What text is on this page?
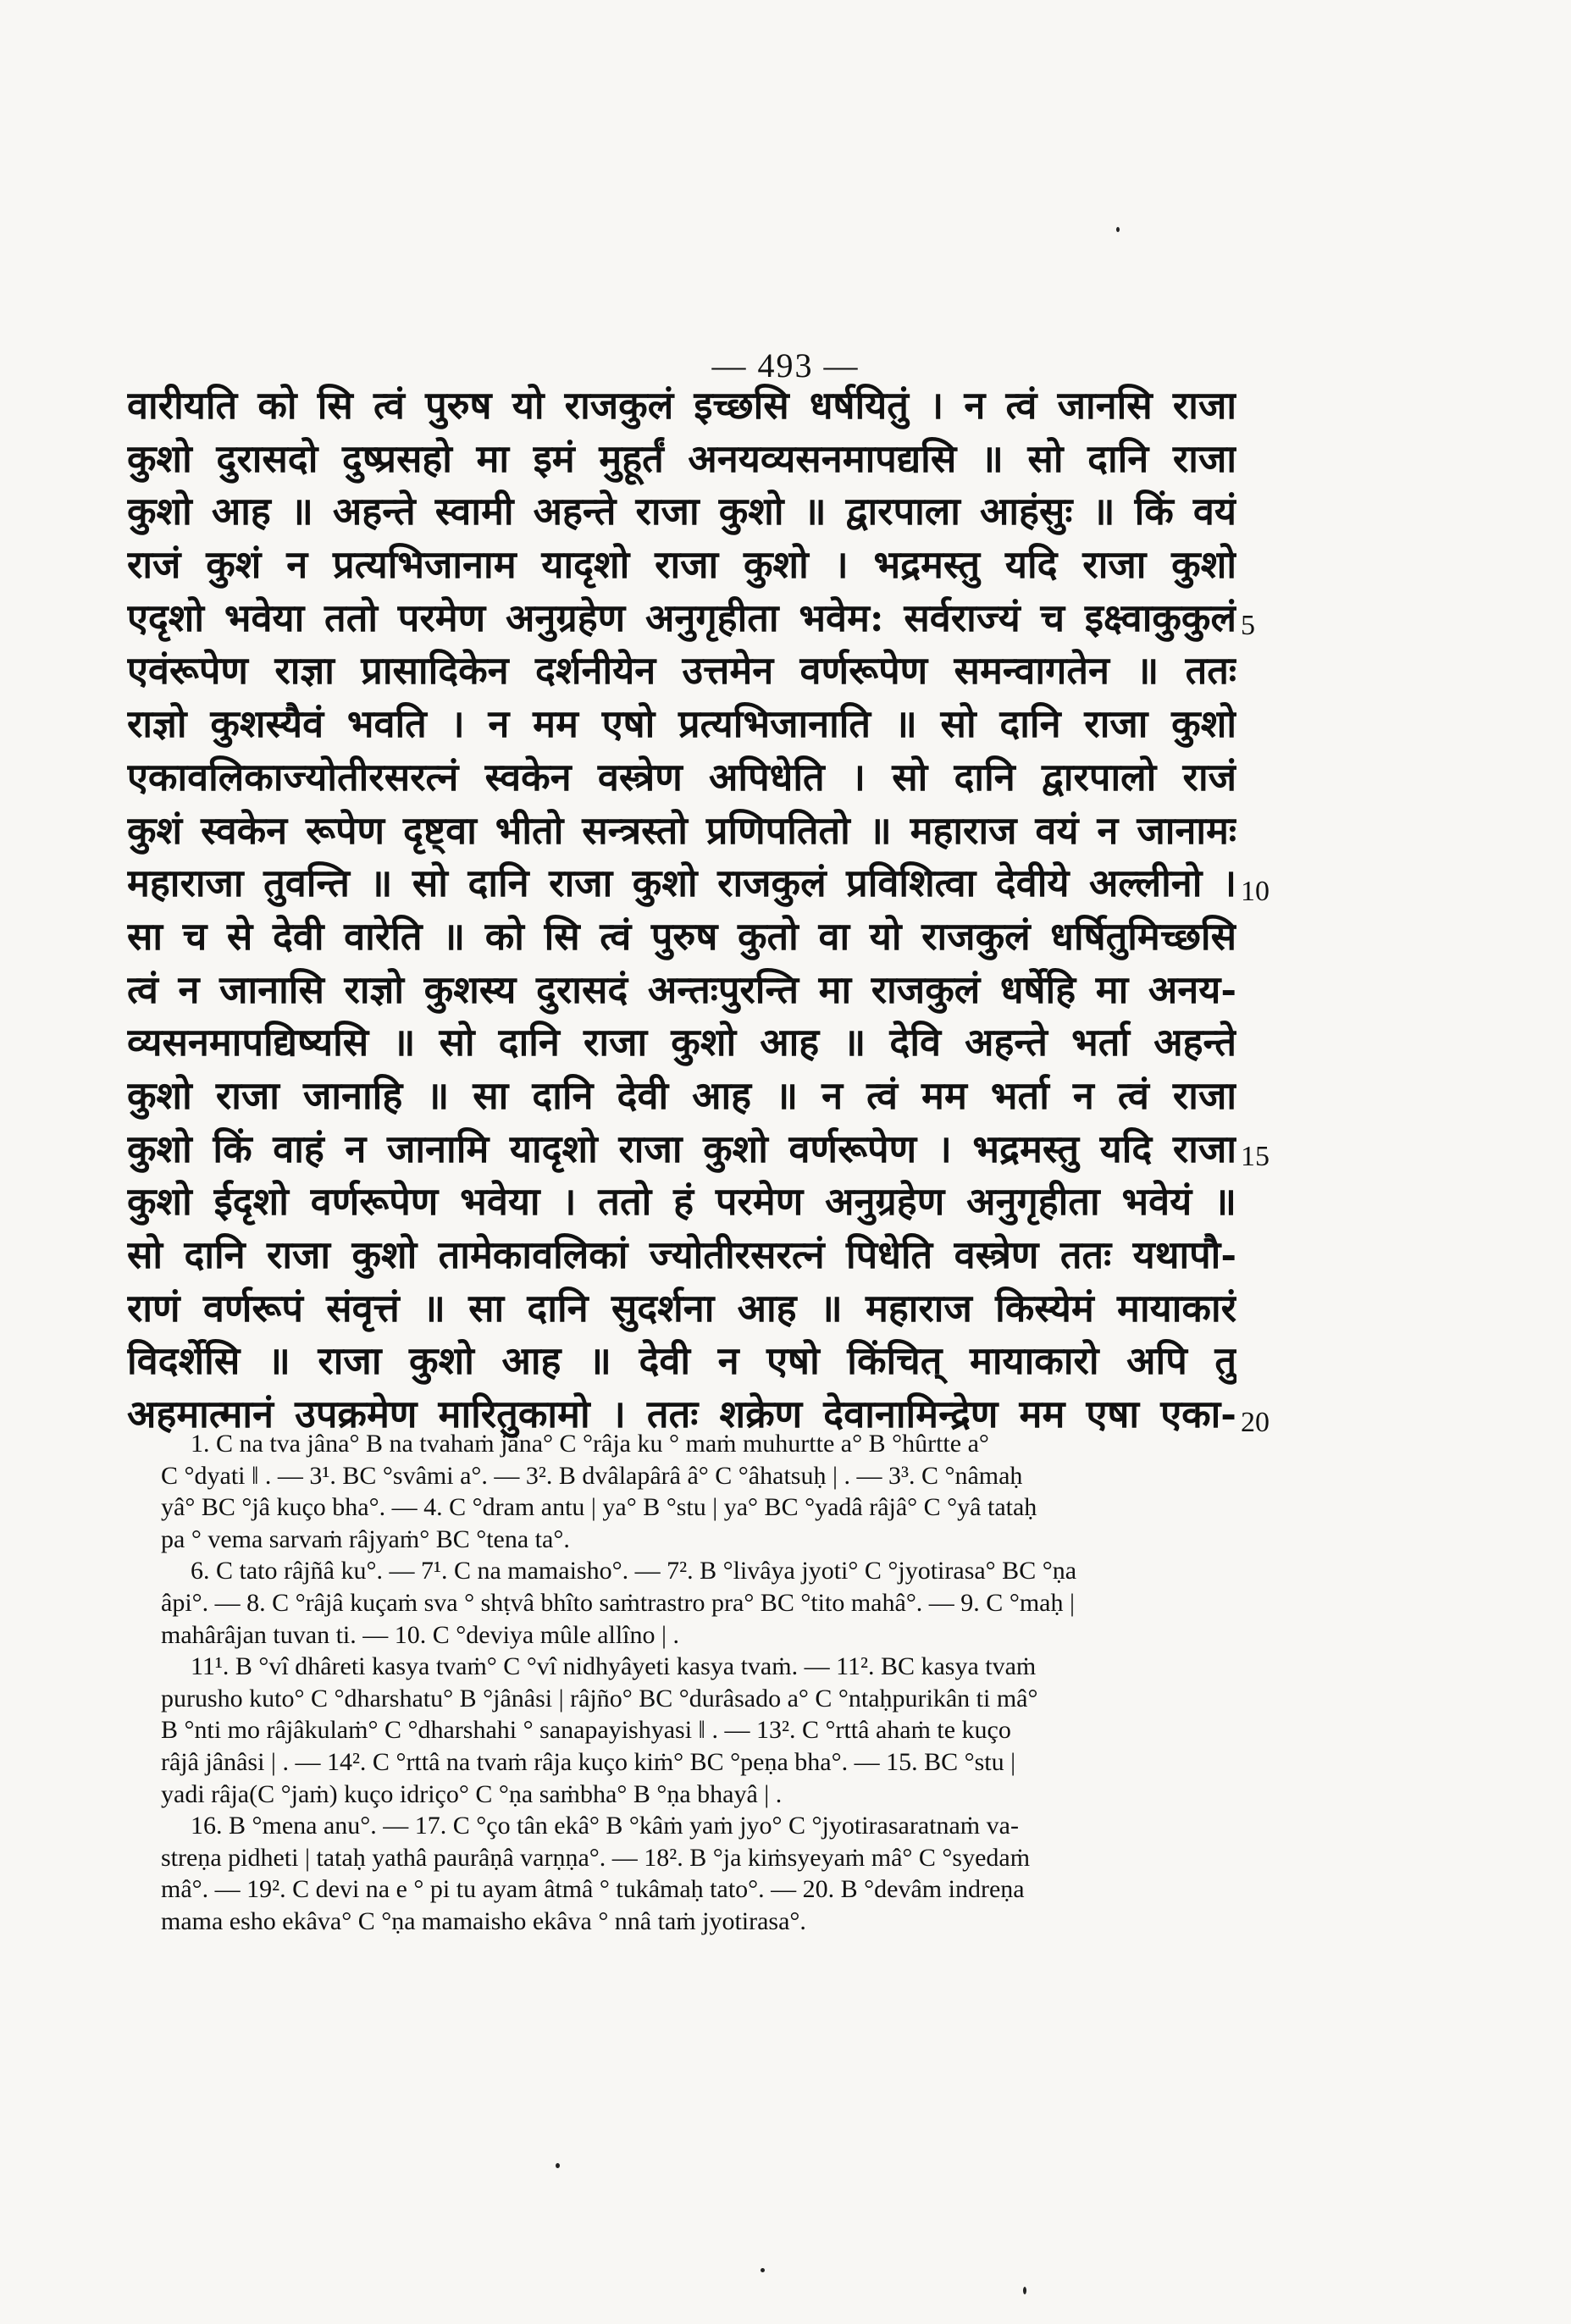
— 493 —
वारीयति को सि त्वं पुरुष यो राजकुलं इच्छसि धर्षयितुं । न त्वं जानसि राजा
कुशो दुरासदो दुष्प्रसहो मा इमं मुहूर्तं अनयव्यसनमापद्यसि ॥ सो दानि राजा
कुशो आह ॥ अहन्ते स्वामी अहन्ते राजा कुशो ॥ द्वारपाला आहंसुः ॥ किं वयं
राजं कुशं न प्रत्यभिजानाम यादृशो राजा कुशो । भद्रमस्तु यदि राजा कुशो
एदृशो भवेया ततो परमेण अनुग्रहेण अनुगृहीता भवेम: सर्वराज्यं च इक्ष्वाकुकुलं
एवंरूपेण राज्ञा प्रासादिकेन दर्शनीयेन उत्तमेन वर्णरूपेण समन्वागतेन ॥ ततः
राज्ञो कुशस्यैवं भवति । न मम एषो प्रत्यभिजानाति ॥ सो दानि राजा कुशो
एकावलिकाज्योतीरसरत्नं स्वकेन वस्त्रेण अपिधेति । सो दानि द्वारपालो राजं
कुशं स्वकेन रूपेण दृष्ट्वा भीतो सन्त्रस्तो प्रणिपतितो ॥ महाराज वयं न जानामः
महाराजा तुवन्ति ॥ सो दानि राजा कुशो राजकुलं प्रविशित्वा देवीये अल्लीनो ।
सा च से देवी वारेति ॥ को सि त्वं पुरुष कुतो वा यो राजकुलं धर्षितुमिच्छसि
त्वं न जानासि राज्ञो कुशस्य दुरासदं अन्तःपुरन्ति मा राजकुलं धर्षेहि मा अनय-
व्यसनमापद्यिष्यसि ॥ सो दानि राजा कुशो आह ॥ देवि अहन्ते भर्ता अहन्ते
कुशो राजा जानाहि ॥ सा दानि देवी आह ॥ न त्वं मम भर्ता न त्वं राजा
कुशो किं वाहं न जानामि यादृशो राजा कुशो वर्णरूपेण । भद्रमस्तु यदि राजा
कुशो ईदृशो वर्णरूपेण भवेया । ततो हं परमेण अनुग्रहेण अनुगृहीता भवेयं ॥
सो दानि राजा कुशो तामेकावलिकां ज्योतीरसरत्नं पिधेति वस्त्रेण ततः यथापौ-
राणं वर्णरूपं संवृत्तं ॥ सा दानि सुदर्शना आह ॥ महाराज किस्येमं मायाकारं
विदर्शेसि ॥ राजा कुशो आह ॥ देवी न एषो किंचित् मायाकारो अपि तु
अहमात्मानं उपक्रमेण मारितुकामो । ततः शक्रेण देवानामिन्द्रेण मम एषा एका-
5
10
15
20
1. C na tva jâna° B na tvahaṁ jâna° C °râja ku ° maṁ muhurtte a° B °hûrtte a°
C °dyati ‖ . — 3¹. BC °svâmi a°. — 3². B dvâlapârâ â° C °âhatsuḥ | . — 3³. C °nâmaḥ
yâ° BC °jâ kuço bha°. — 4. C °dram antu | ya° B °stu | ya° BC °yadâ râjâ° C °yâ tataḥ
pa ° vema sarvaṁ râjyaṁ° BC °tena ta°.
6. C tato râjñâ ku°. — 7¹. C na mamaisho°. — 7². B °livâya jyoti° C °jyotirasa° BC °ṇa
âpi°. — 8. C °râjâ kuçaṁ sva ° shṭvâ bhîto saṁtrastro pra° BC °tito mahâ°. — 9. C °maḥ |
mahârâjan tuvan ti. — 10. C °deviya mûle allîno | .
11¹. B °vî dhâreti kasya tvaṁ° C °vî nidhyâyeti kasya tvaṁ. — 11². BC kasya tvaṁ
purusho kuto° C °dharshatu° B °jânâsi | râjño° BC °durâsado a° C °ntaḥpurikân ti mâ°
B °nti mo râjâkulaṁ° C °dharshahi ° sanapayishyasi ‖ . — 13². C °rttâ ahaṁ te kuço
râjâ jânâsi | . — 14². C °rttâ na tvaṁ râja kuço kiṁ° BC °peṇa bha°. — 15. BC °stu |
yadi râja(C °jaṁ) kuço idriço° C °ṇa saṁbha° B °ṇa bhayâ | .
16. B °mena anu°. — 17. C °ço tân ekâ° B °kâṁ yaṁ jyo° C °jyotirasaratnaṁ va-
streṇa pidheti | tataḥ yathâ paurâṇâ varṇṇa°. — 18². B °ja kiṁsyeyaṁ mâ° C °syedaṁ
mâ°. — 19². C devi na e ° pi tu ayam âtmâ ° tukâmaḥ tato°. — 20. B °devâm indreṇa
mama esho ekâva° C °ṇa mamaisho ekâva ° nnâ taṁ jyotirasa°.
